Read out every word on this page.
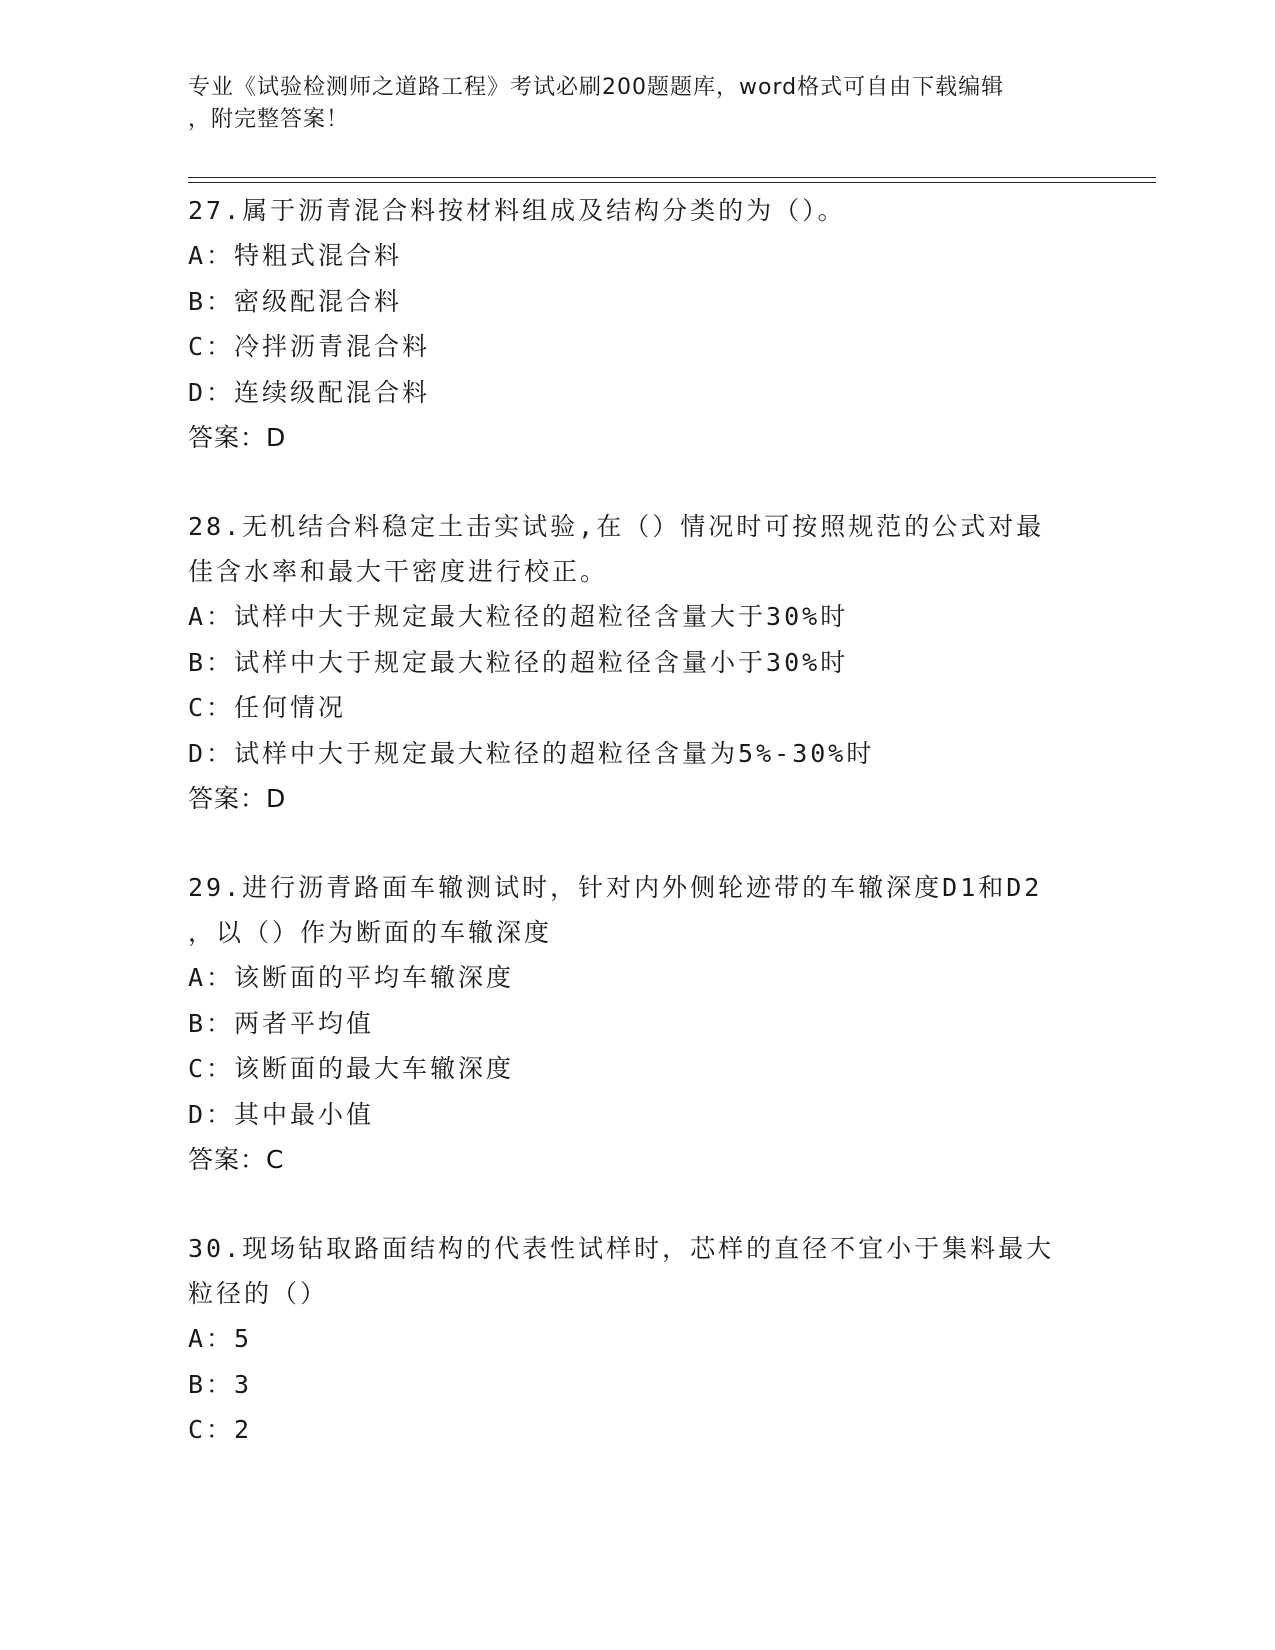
专业《试验检测师之道路工程》考试必刷200题题库，word格式可自由下载编辑
，附完整答案！

27.属于沥青混合料按材料组成及结构分类的为（）。

A：特粗式混合料

B：密级配混合料

C：冷拌沥青混合料

D：连续级配混合料

答案：D

28.无机结合料稳定土击实试验,在（）情况时可按照规范的公式对最

佳含水率和最大干密度进行校正。

A：试样中大于规定最大粒径的超粒径含量大于30%时

B：试样中大于规定最大粒径的超粒径含量小于30%时

C：任何情况

D：试样中大于规定最大粒径的超粒径含量为5%-30%时

答案：D

29.进行沥青路面车辙测试时，针对内外侧轮迹带的车辙深度D1和D2

，以（）作为断面的车辙深度

A：该断面的平均车辙深度

B：两者平均值

C：该断面的最大车辙深度

D：其中最小值

答案：C

30.现场钻取路面结构的代表性试样时，芯样的直径不宜小于集料最大

粒径的（）

A：5

B：3

C：2
